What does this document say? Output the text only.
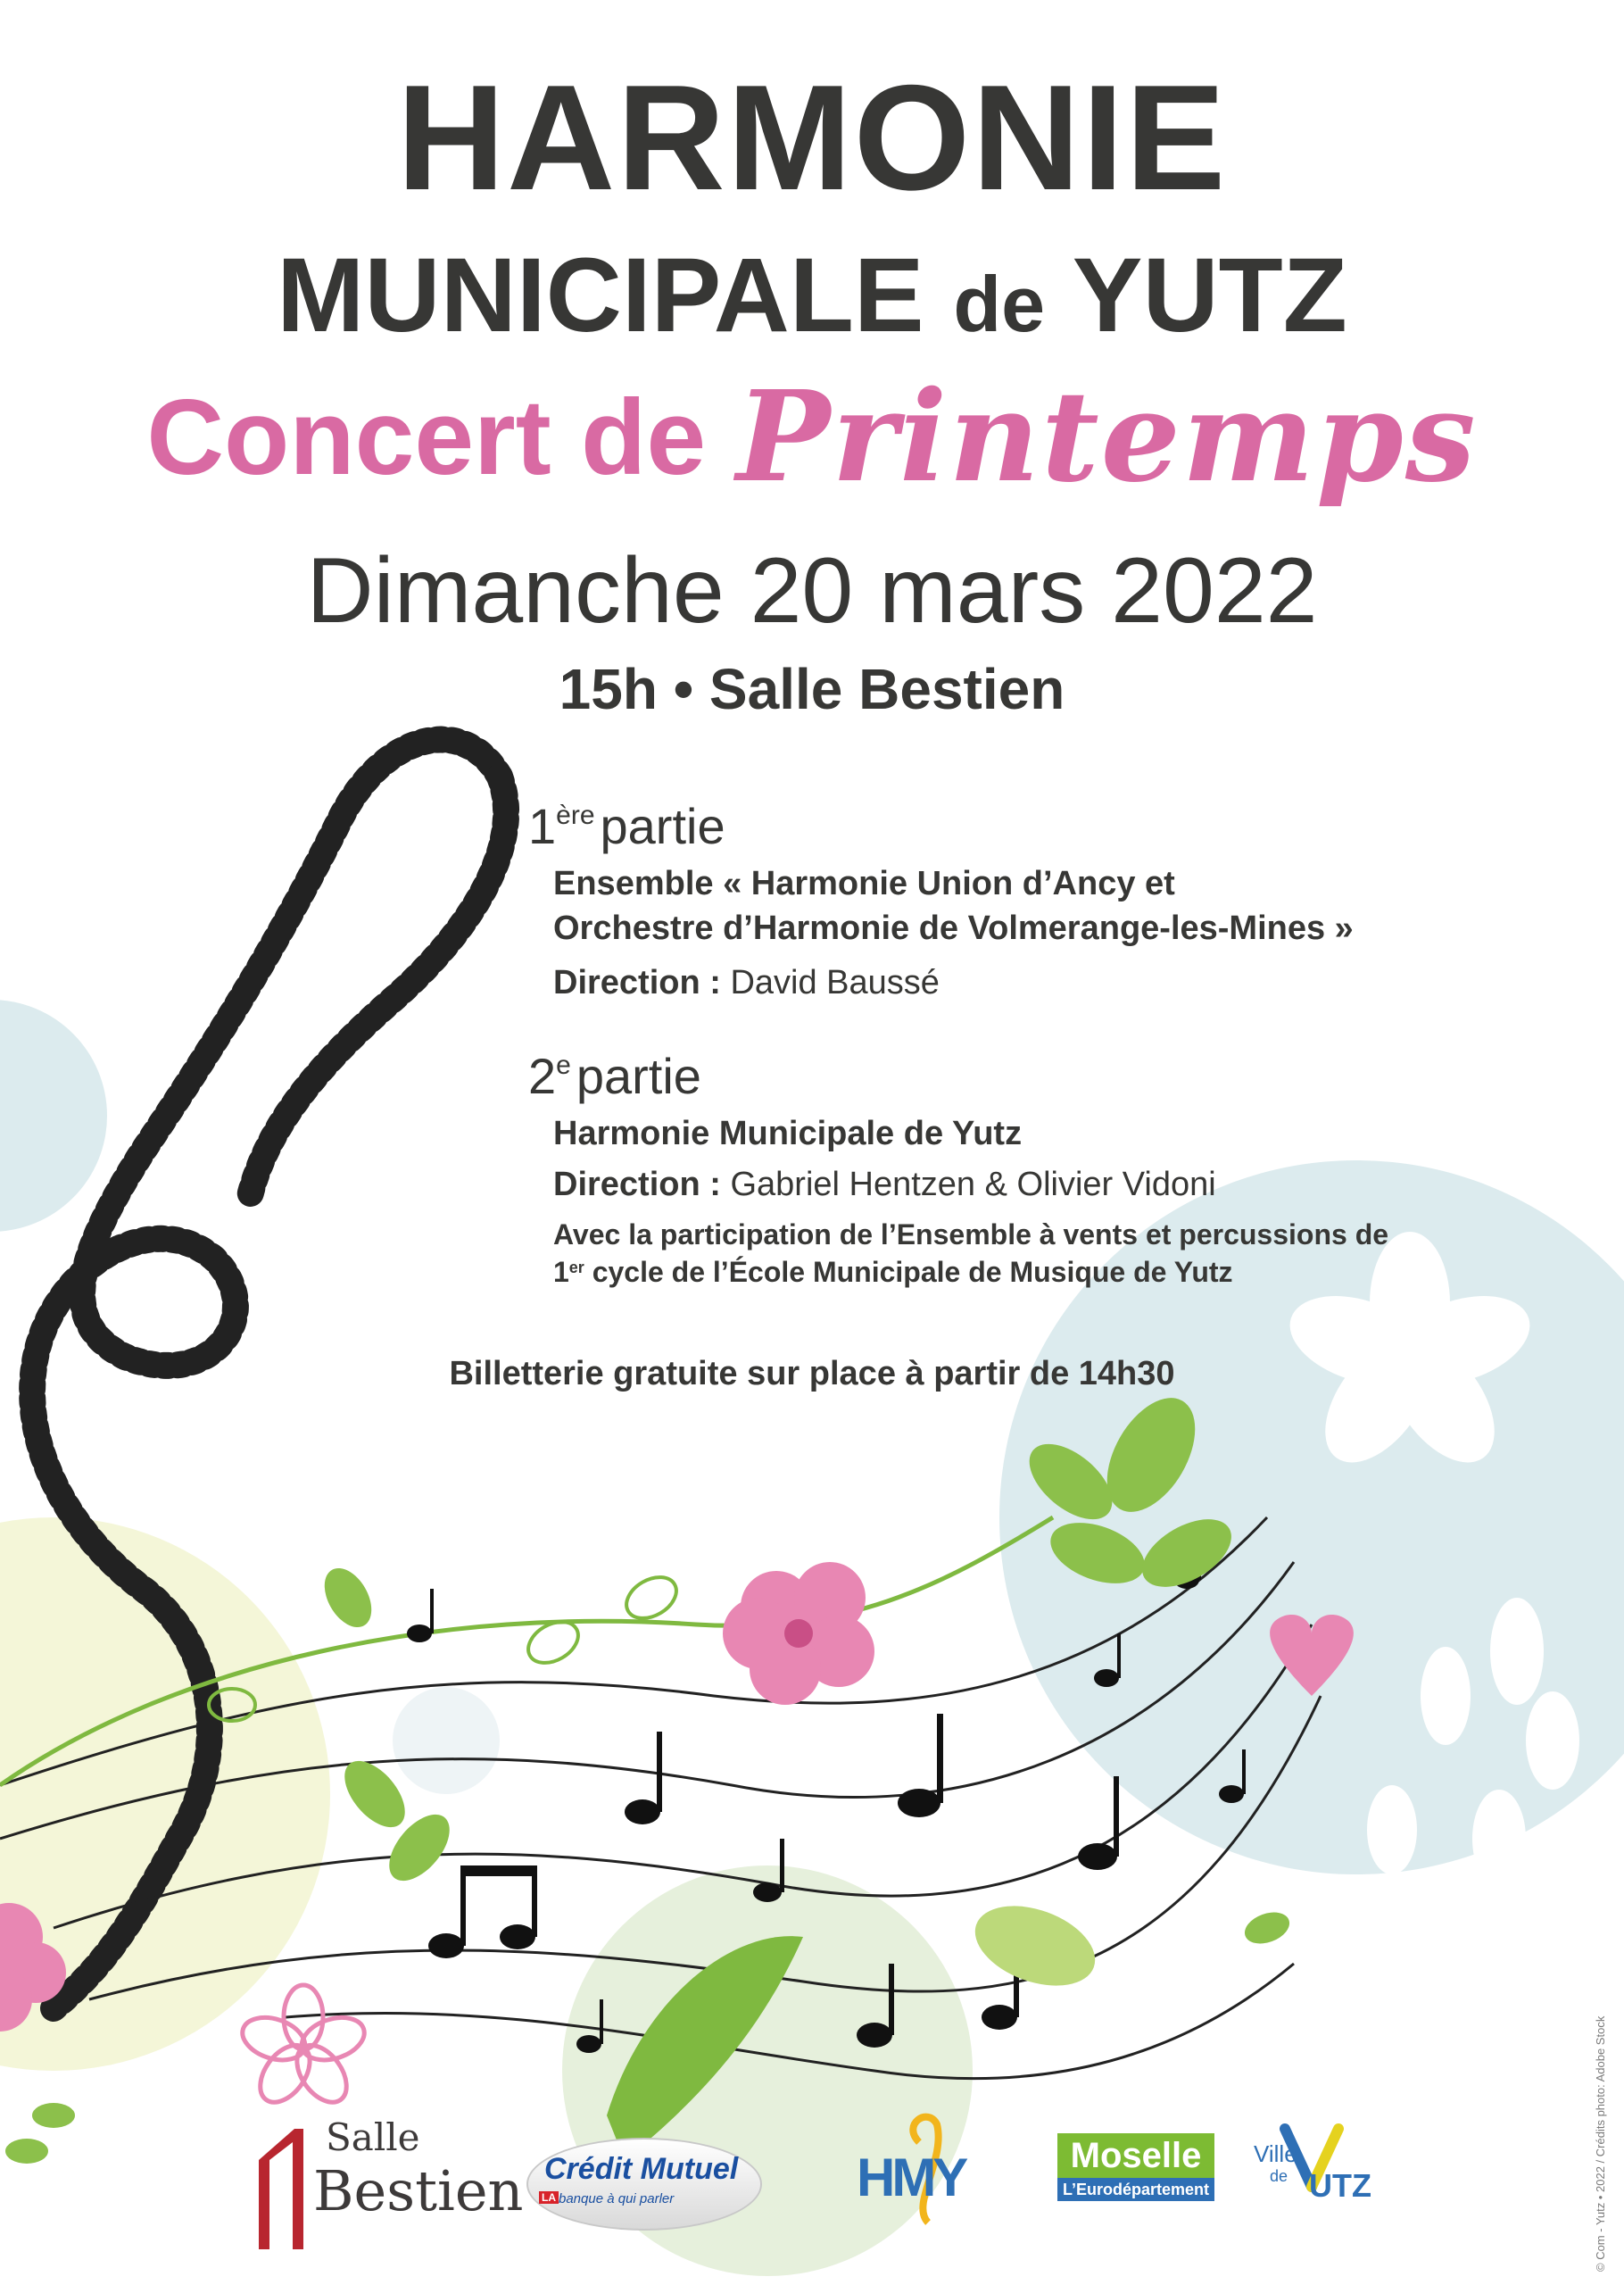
HARMONIE
MUNICIPALE de YUTZ
Concert de Printemps
Dimanche 20 mars 2022
15h • Salle Bestien
1ère partie
Ensemble « Harmonie Union d’Ancy et
Orchestre d’Harmonie de Volmerange-les-Mines »
Direction : David Baussé
2e partie
Harmonie Municipale de Yutz
Direction : Gabriel Hentzen & Olivier Vidoni
Avec la participation de l’Ensemble à vents et percussions de
1er cycle de l’École Municipale de Musique de Yutz
Billetterie gratuite sur place à partir de 14h30
Salle
Bestien Crédit Mutuel
LA banque à qui parler	HMY	Moselle
L’Eurodépartement
Ville
de UTZ	© Com - Yutz • 2022 / Crédits photo: Adobe Stock
